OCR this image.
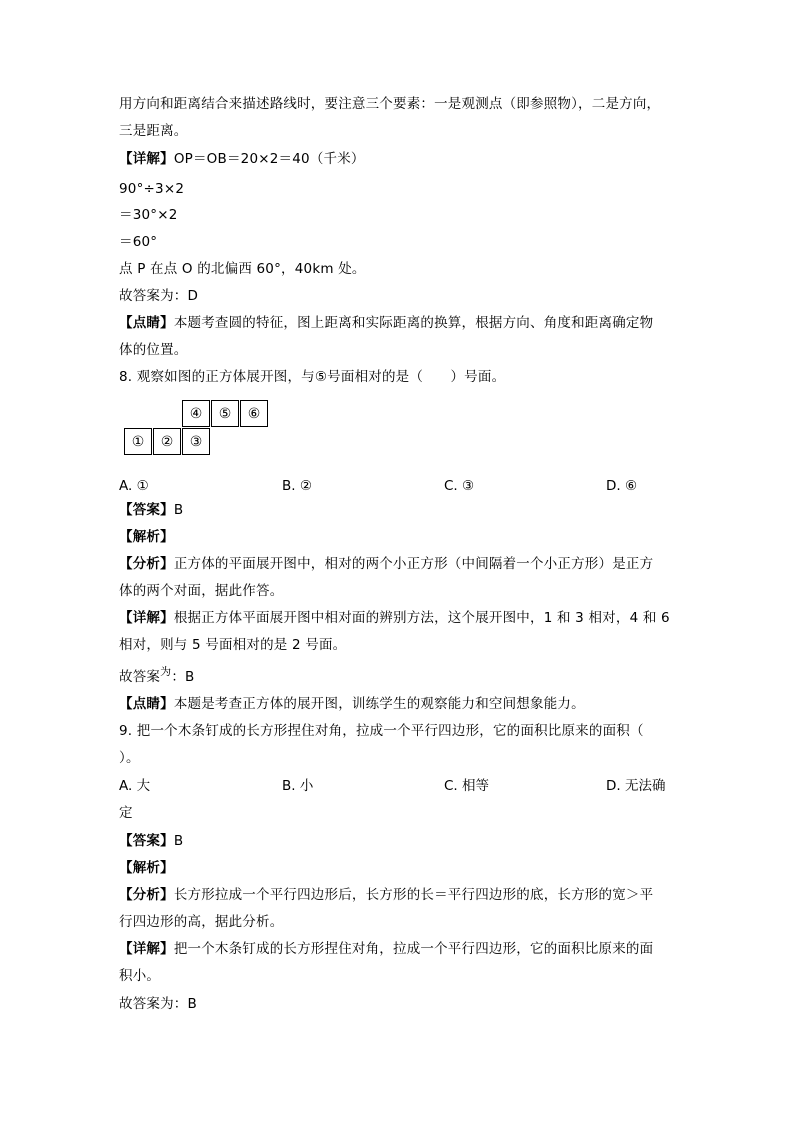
用方向和距离结合来描述路线时，要注意三个要素：一是观测点（即参照物），二是方向，
三是距离。
【详解】OP＝OB＝20×2＝40（千米）
90°÷3×2
＝30°×2
＝60°
点 P 在点 O 的北偏西 60°，40km 处。
故答案为：D
【点睛】本题考查圆的特征，图上距离和实际距离的换算，根据方向、角度和距离确定物
体的位置。
8. 观察如图的正方体展开图，与⑤号面相对的是（　　）号面。
④	⑤	⑥
①	②	③
A. ①	B. ②	C. ③	D. ⑥
【答案】B
【解析】
【分析】正方体的平面展开图中，相对的两个小正方形（中间隔着一个小正方形）是正方
体的两个对面，据此作答。
【详解】根据正方体平面展开图中相对面的辨别方法，这个展开图中，1 和 3 相对，4 和 6
相对，则与 5 号面相对的是 2 号面。
故答案$^为$：B
【点睛】本题是考查正方体的展开图，训练学生的观察能力和空间想象能力。
9. 把一个木条钉成的长方形捏住对角，拉成一个平行四边形，它的面积比原来的面积（
）。
A. 大	B. 小	C. 相等	D. 无法确
定
【答案】B
【解析】
【分析】长方形拉成一个平行四边形后，长方形的长＝平行四边形的底，长方形的宽＞平
行四边形的高，据此分析。
【详解】把一个木条钉成的长方形捏住对角，拉成一个平行四边形，它的面积比原来的面
积小。
故答案为：B
